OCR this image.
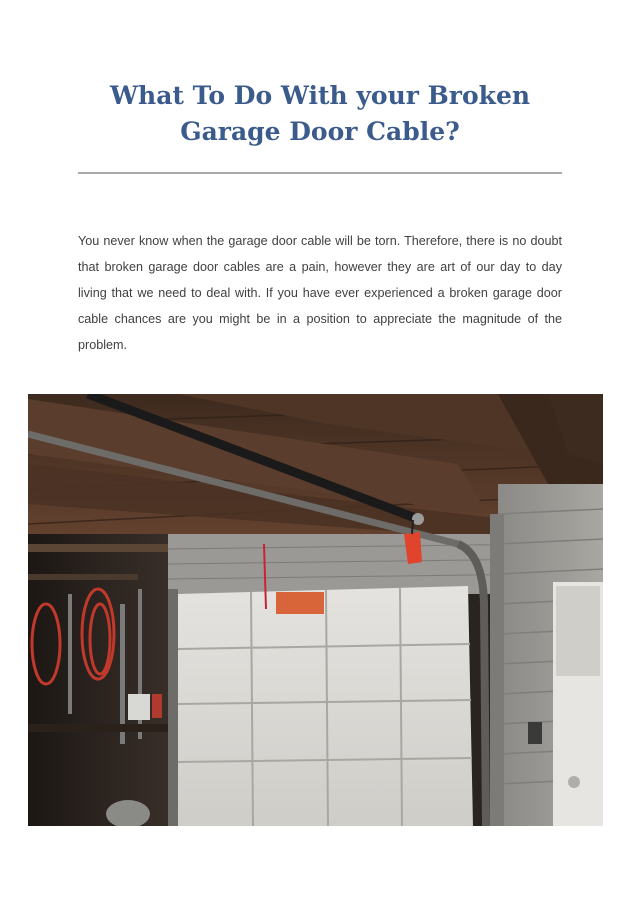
What To Do With your Broken Garage Door Cable?

You never know when the garage door cable will be torn. Therefore, there is no doubt that broken garage door cables are a pain, however they are art of our day to day living that we need to deal with. If you have ever experienced a broken garage door cable chances are you might be in a position to appreciate the magnitude of the problem.
